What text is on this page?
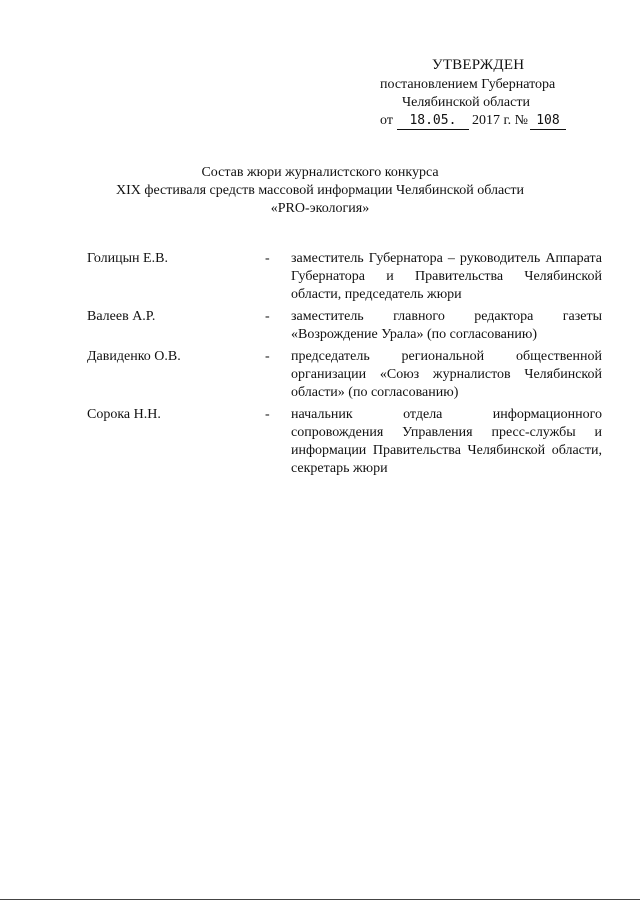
УТВЕРЖДЕН
постановлением Губернатора
Челябинской области
от 18.05. 2017 г. № 108
Состав жюри журналистского конкурса
XIX фестиваля средств массовой информации Челябинской области
«PRO-экология»
Голицын Е.В.	-	заместитель Губернатора – руководитель Аппарата Губернатора и Правительства Челябинской области, председатель жюри
Валеев А.Р.	-	заместитель главного редактора газеты «Возрождение Урала» (по согласованию)
Давиденко О.В.	-	председатель региональной общественной организации «Союз журналистов Челябинской области» (по согласованию)
Сорока Н.Н.	-	начальник отдела информационного сопровождения Управления пресс-службы и информации Правительства Челябинской области, секретарь жюри
